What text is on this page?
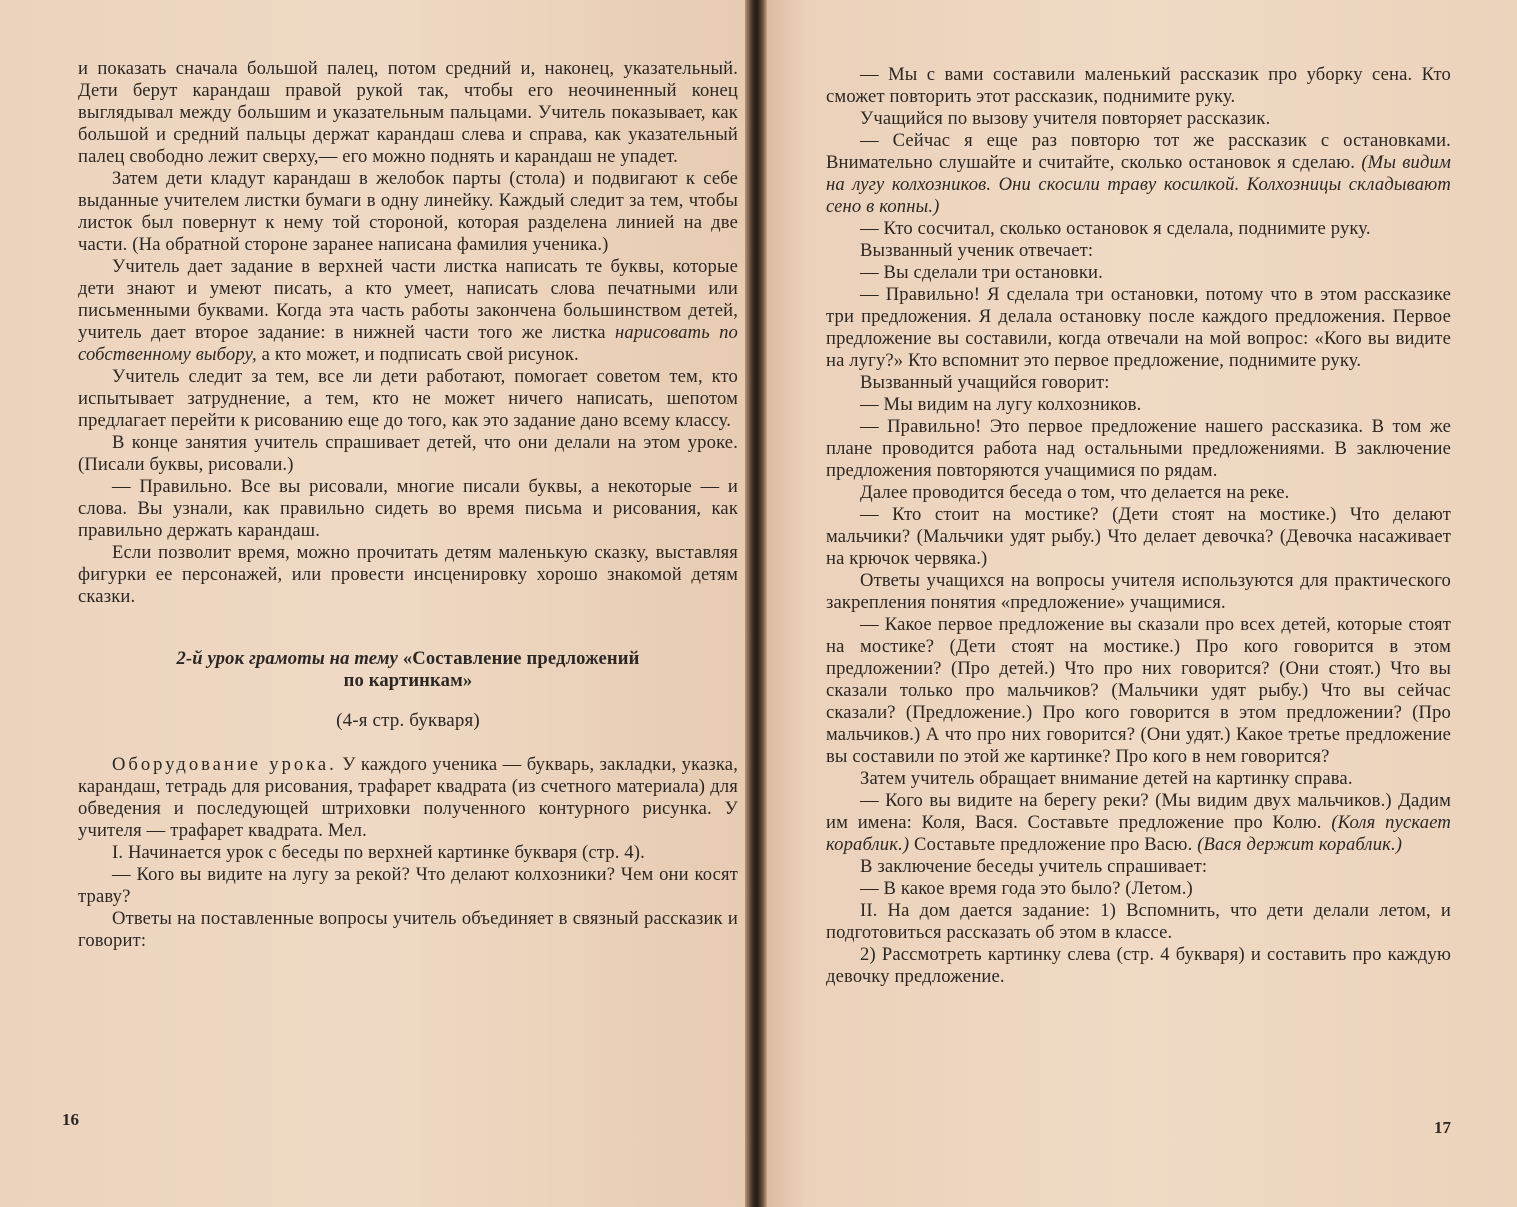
и показать сначала большой палец, потом средний и, наконец, указательный. Дети берут карандаш правой рукой так, чтобы его неочиненный конец выглядывал между большим и указательным пальцами. Учитель показывает, как большой и средний пальцы держат карандаш слева и справа, как указательный палец свободно лежит сверху,— его можно поднять и карандаш не упадет.

Затем дети кладут карандаш в желобок парты (стола) и подвигают к себе выданные учителем листки бумаги в одну линейку. Каждый следит за тем, чтобы листок был повернут к нему той стороной, которая разделена линией на две части. (На обратной стороне заранее написана фамилия ученика.)

Учитель дает задание в верхней части листка написать те буквы, которые дети знают и умеют писать, а кто умеет, написать слова печатными или письменными буквами. Когда эта часть работы закончена большинством детей, учитель дает второе задание: в нижней части того же листка нарисовать по собственному выбору, а кто может, и подписать свой рисунок.

Учитель следит за тем, все ли дети работают, помогает советом тем, кто испытывает затруднение, а тем, кто не может ничего написать, шепотом предлагает перейти к рисованию еще до того, как это задание дано всему классу.

В конце занятия учитель спрашивает детей, что они делали на этом уроке. (Писали буквы, рисовали.)

— Правильно. Все вы рисовали, многие писали буквы, а некоторые — и слова. Вы узнали, как правильно сидеть во время письма и рисования, как правильно держать карандаш.

Если позволит время, можно прочитать детям маленькую сказку, выставляя фигурки ее персонажей, или провести инсценировку хорошо знакомой детям сказки.

2-й урок грамоты на тему «Составление предложений
по картинкам»
(4-я стр. букваря)

Оборудование урока. У каждого ученика — букварь, закладки, указка, карандаш, тетрадь для рисования, трафарет квадрата (из счетного материала) для обведения и последующей штриховки полученного контурного рисунка. У учителя — трафарет квадрата. Мел.

I. Начинается урок с беседы по верхней картинке букваря (стр. 4).

— Кого вы видите на лугу за рекой? Что делают колхозники? Чем они косят траву?

Ответы на поставленные вопросы учитель объединяет в связный рассказик и говорит:

16

— Мы с вами составили маленький рассказик про уборку сена. Кто сможет повторить этот рассказик, поднимите руку.

Учащийся по вызову учителя повторяет рассказик.

— Сейчас я еще раз повторю тот же рассказик с остановками. Внимательно слушайте и считайте, сколько остановок я сделаю. (Мы видим на лугу колхозников. Они скосили траву косилкой. Колхозницы складывают сено в копны.)

— Кто сосчитал, сколько остановок я сделала, поднимите руку.

Вызванный ученик отвечает:

— Вы сделали три остановки.

— Правильно! Я сделала три остановки, потому что в этом рассказике три предложения. Я делала остановку после каждого предложения. Первое предложение вы составили, когда отвечали на мой вопрос: «Кого вы видите на лугу?» Кто вспомнит это первое предложение, поднимите руку.

Вызванный учащийся говорит:

— Мы видим на лугу колхозников.

— Правильно! Это первое предложение нашего рассказика. В том же плане проводится работа над остальными предложениями. В заключение предложения повторяются учащимися по рядам.

Далее проводится беседа о том, что делается на реке.

— Кто стоит на мостике? (Дети стоят на мостике.) Что делают мальчики? (Мальчики удят рыбу.) Что делает девочка? (Девочка насаживает на крючок червяка.)

Ответы учащихся на вопросы учителя используются для практического закрепления понятия «предложение» учащимися.

— Какое первое предложение вы сказали про всех детей, которые стоят на мостике? (Дети стоят на мостике.) Про кого говорится в этом предложении? (Про детей.) Что про них говорится? (Они стоят.) Что вы сказали только про мальчиков? (Мальчики удят рыбу.) Что вы сейчас сказали? (Предложение.) Про кого говорится в этом предложении? (Про мальчиков.) А что про них говорится? (Они удят.) Какое третье предложение вы составили по этой же картинке? Про кого в нем говорится?

Затем учитель обращает внимание детей на картинку справа.

— Кого вы видите на берегу реки? (Мы видим двух мальчиков.) Дадим им имена: Коля, Вася. Составьте предложение про Колю. (Коля пускает кораблик.) Составьте предложение про Васю. (Вася держит кораблик.)

В заключение беседы учитель спрашивает:

— В какое время года это было? (Летом.)

II. На дом дается задание: 1) Вспомнить, что дети делали летом, и подготовиться рассказать об этом в классе.

2) Рассмотреть картинку слева (стр. 4 букваря) и составить про каждую девочку предложение.

17
